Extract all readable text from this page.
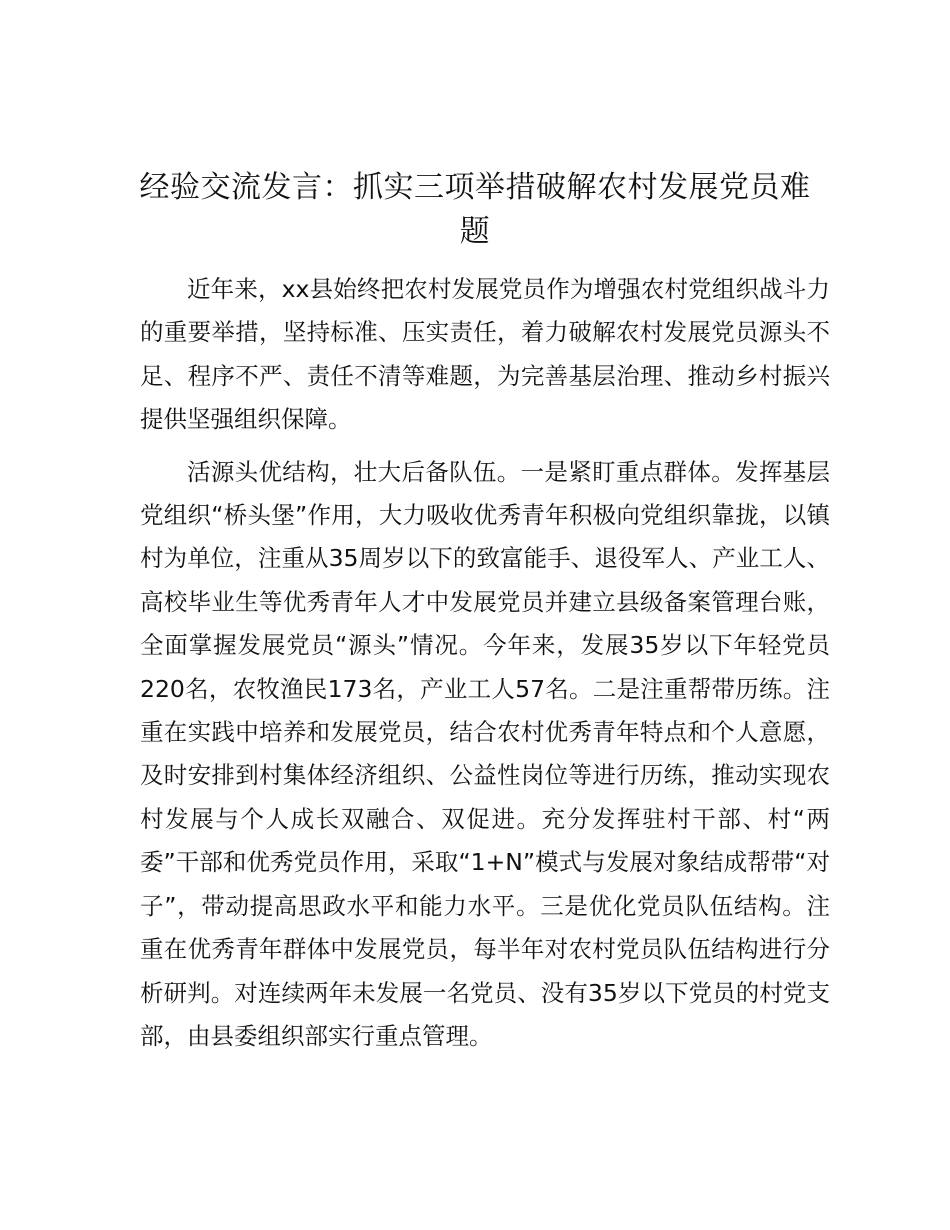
经验交流发言：抓实三项举措破解农村发展党员难题

近年来，xx县始终把农村发展党员作为增强农村党组织战斗力的重要举措，坚持标准、压实责任，着力破解农村发展党员源头不足、程序不严、责任不清等难题，为完善基层治理、推动乡村振兴提供坚强组织保障。

活源头优结构，壮大后备队伍。一是紧盯重点群体。发挥基层党组织“桥头堡”作用，大力吸收优秀青年积极向党组织靠拢，以镇村为单位，注重从35周岁以下的致富能手、退役军人、产业工人、高校毕业生等优秀青年人才中发展党员并建立县级备案管理台账，全面掌握发展党员“源头”情况。今年来，发展35岁以下年轻党员220名，农牧渔民173名，产业工人57名。二是注重帮带历练。注重在实践中培养和发展党员，结合农村优秀青年特点和个人意愿，及时安排到村集体经济组织、公益性岗位等进行历练，推动实现农村发展与个人成长双融合、双促进。充分发挥驻村干部、村“两委”干部和优秀党员作用，采取“1+N”模式与发展对象结成帮带“对子”，带动提高思政水平和能力水平。三是优化党员队伍结构。注重在优秀青年群体中发展党员，每半年对农村党员队伍结构进行分析研判。对连续两年未发展一名党员、没有35岁以下党员的村党支部，由县委组织部实行重点管理。
